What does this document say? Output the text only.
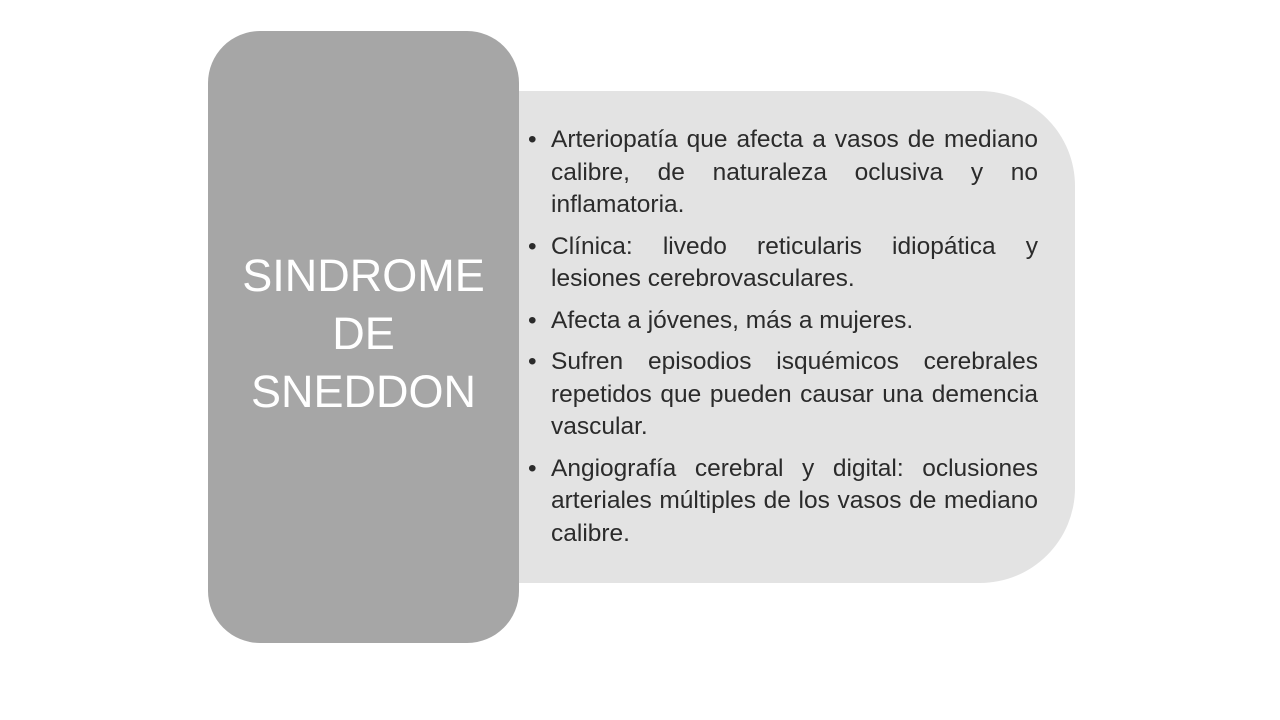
• Arteriopatía que afecta a vasos de mediano calibre, de naturaleza oclusiva y no inflamatoria.
• Clínica: livedo reticularis idiopática y lesiones cerebrovasculares.
• Afecta a jóvenes, más a mujeres.
• Sufren episodios isquémicos cerebrales repetidos que pueden causar una demencia vascular.
• Angiografía cerebral y digital: oclusiones arteriales múltiples de los vasos de mediano calibre.
SINDROME
DE
SNEDDON
